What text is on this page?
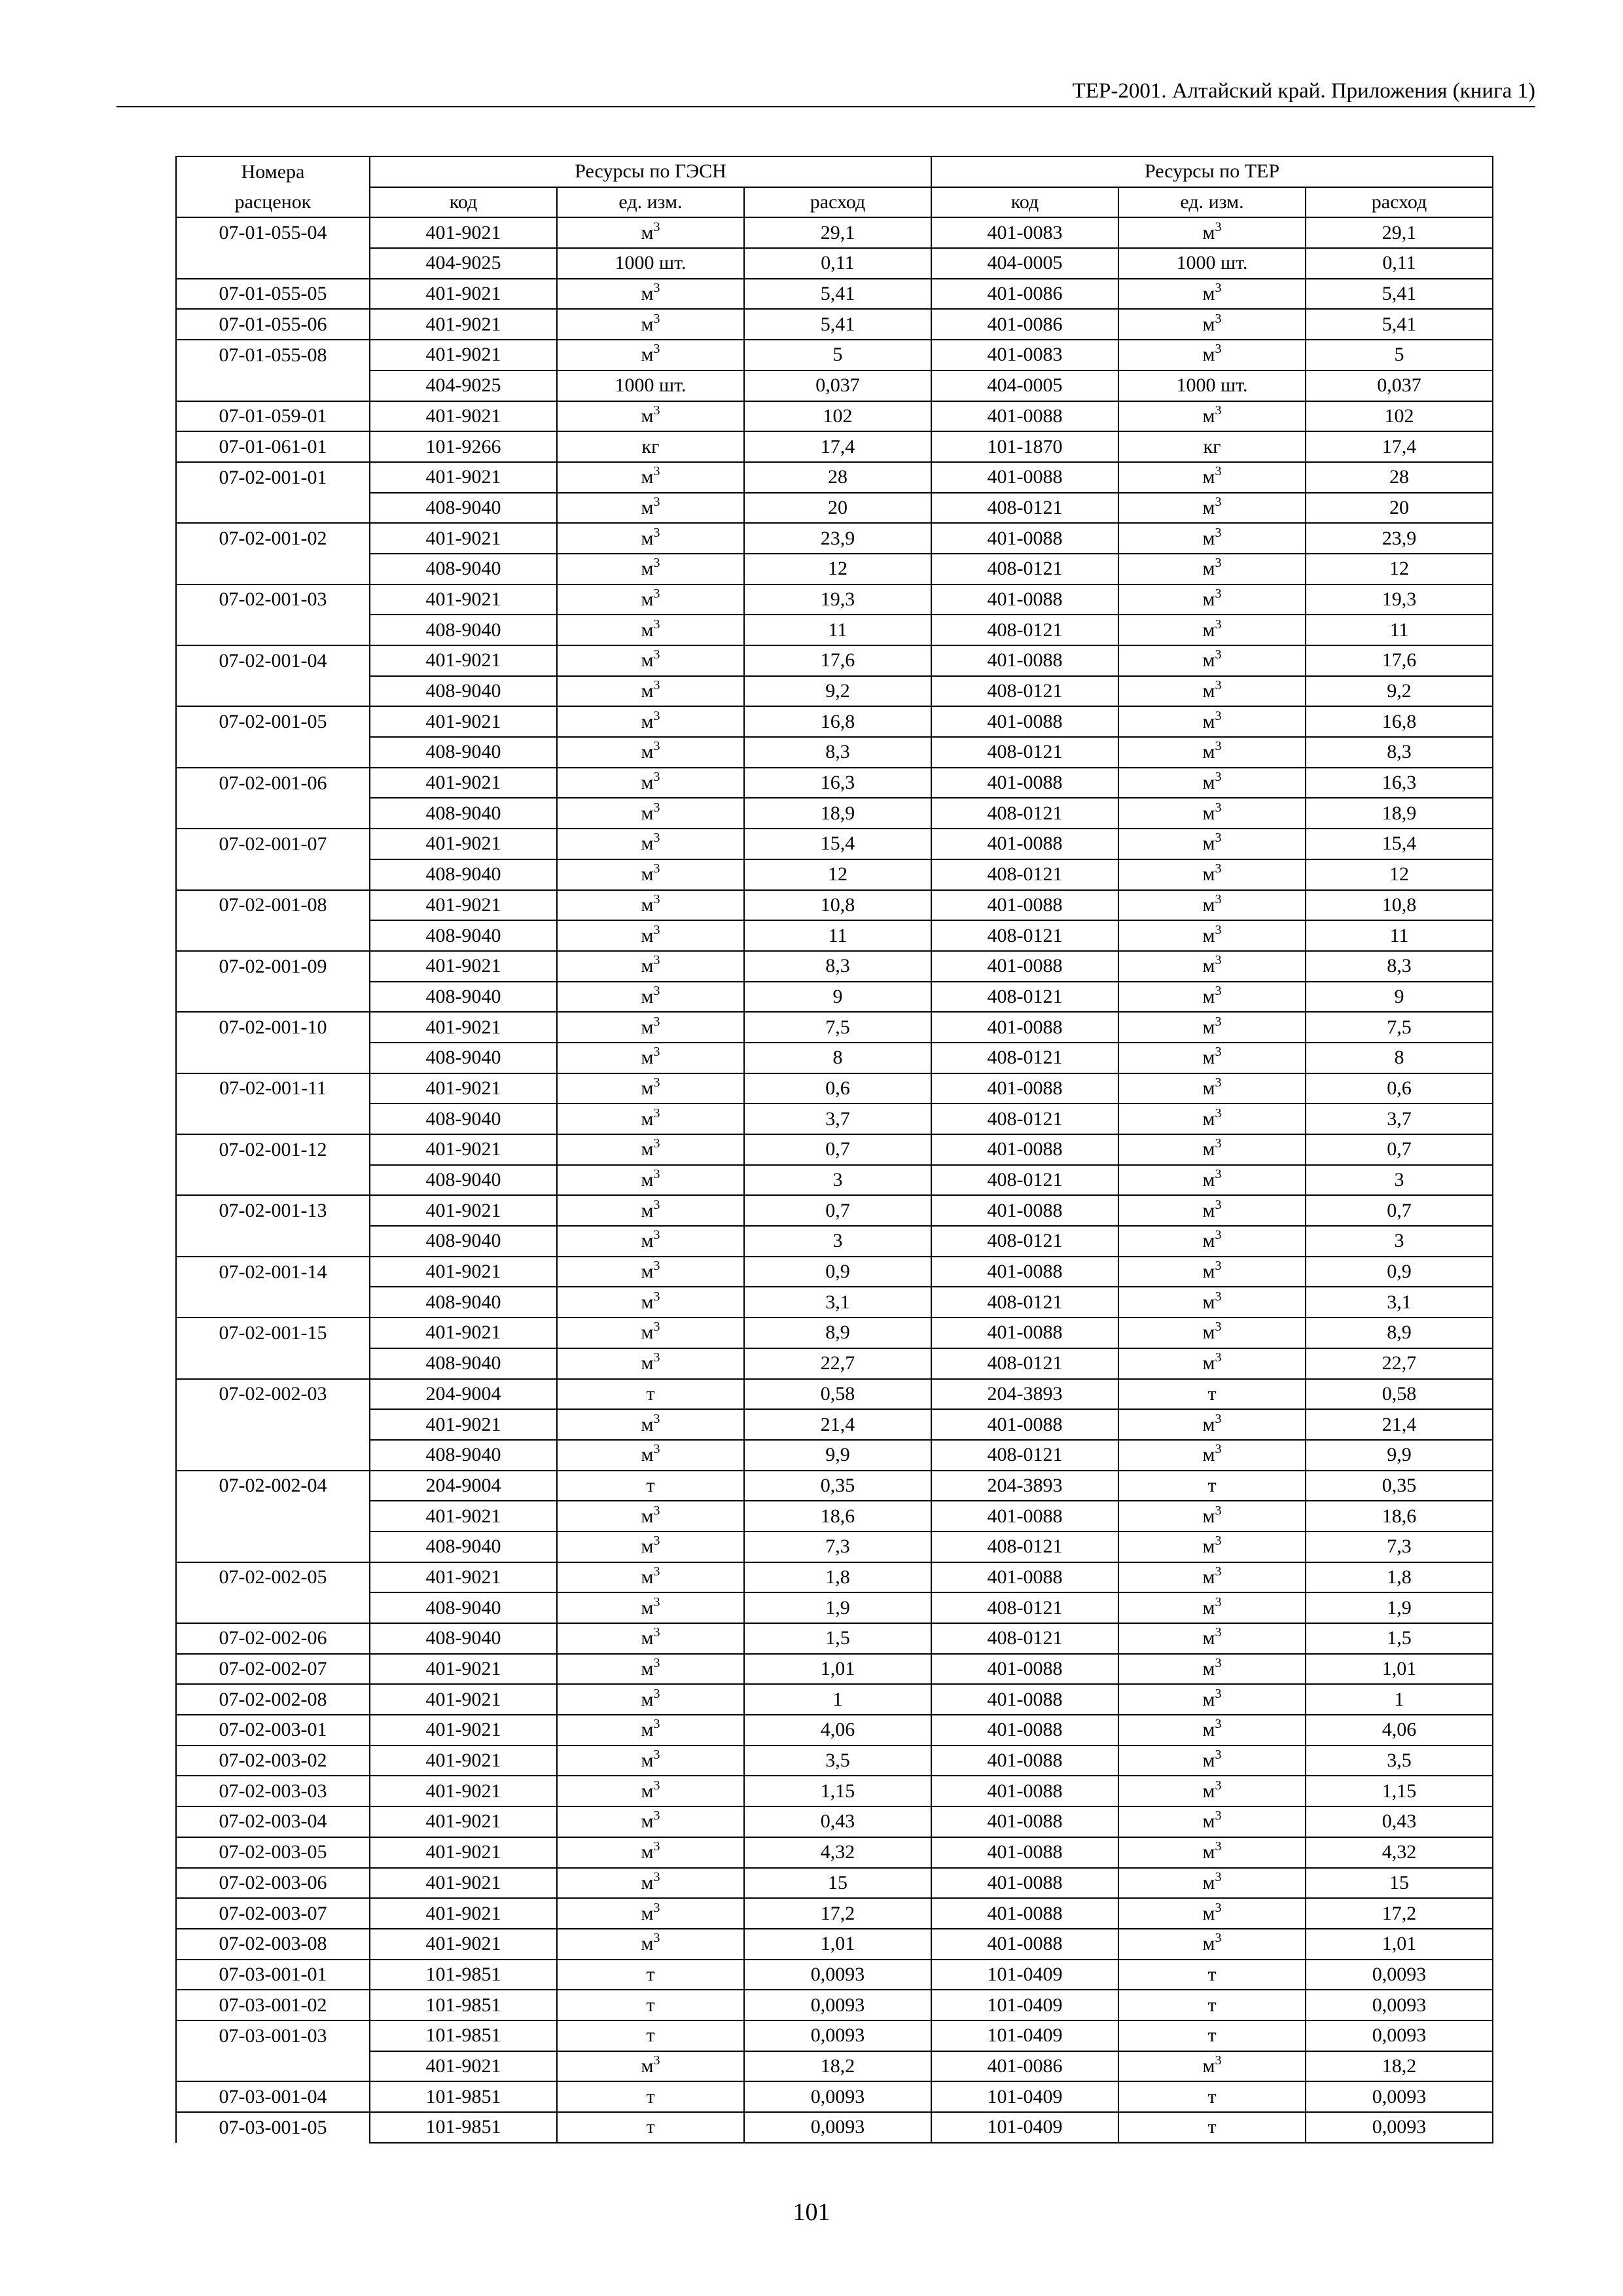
ТЕР-2001. Алтайский край. Приложения (книга 1)
Номера	Ресурсы по ГЭСН			Ресурсы по ТЕР		
расценок	код	ед. изм.	расход	код	ед. изм.	расход
07-01-055-04	401-9021	$м^3$	29,1	401-0083	$м^3$	29,1
	404-9025	1000 шт.	0,11	404-0005	1000 шт.	0,11
07-01-055-05	401-9021	$м^3$	5,41	401-0086	$м^3$	5,41
07-01-055-06	401-9021	$м^3$	5,41	401-0086	$м^3$	5,41
07-01-055-08	401-9021	$м^3$	5	401-0083	$м^3$	5
	404-9025	1000 шт.	0,037	404-0005	1000 шт.	0,037
07-01-059-01	401-9021	$м^3$	102	401-0088	$м^3$	102
07-01-061-01	101-9266	кг	17,4	101-1870	кг	17,4
07-02-001-01	401-9021	$м^3$	28	401-0088	$м^3$	28
	408-9040	$м^3$	20	408-0121	$м^3$	20
07-02-001-02	401-9021	$м^3$	23,9	401-0088	$м^3$	23,9
	408-9040	$м^3$	12	408-0121	$м^3$	12
07-02-001-03	401-9021	$м^3$	19,3	401-0088	$м^3$	19,3
	408-9040	$м^3$	11	408-0121	$м^3$	11
07-02-001-04	401-9021	$м^3$	17,6	401-0088	$м^3$	17,6
	408-9040	$м^3$	9,2	408-0121	$м^3$	9,2
07-02-001-05	401-9021	$м^3$	16,8	401-0088	$м^3$	16,8
	408-9040	$м^3$	8,3	408-0121	$м^3$	8,3
07-02-001-06	401-9021	$м^3$	16,3	401-0088	$м^3$	16,3
	408-9040	$м^3$	18,9	408-0121	$м^3$	18,9
07-02-001-07	401-9021	$м^3$	15,4	401-0088	$м^3$	15,4
	408-9040	$м^3$	12	408-0121	$м^3$	12
07-02-001-08	401-9021	$м^3$	10,8	401-0088	$м^3$	10,8
	408-9040	$м^3$	11	408-0121	$м^3$	11
07-02-001-09	401-9021	$м^3$	8,3	401-0088	$м^3$	8,3
	408-9040	$м^3$	9	408-0121	$м^3$	9
07-02-001-10	401-9021	$м^3$	7,5	401-0088	$м^3$	7,5
	408-9040	$м^3$	8	408-0121	$м^3$	8
07-02-001-11	401-9021	$м^3$	0,6	401-0088	$м^3$	0,6
	408-9040	$м^3$	3,7	408-0121	$м^3$	3,7
07-02-001-12	401-9021	$м^3$	0,7	401-0088	$м^3$	0,7
	408-9040	$м^3$	3	408-0121	$м^3$	3
07-02-001-13	401-9021	$м^3$	0,7	401-0088	$м^3$	0,7
	408-9040	$м^3$	3	408-0121	$м^3$	3
07-02-001-14	401-9021	$м^3$	0,9	401-0088	$м^3$	0,9
	408-9040	$м^3$	3,1	408-0121	$м^3$	3,1
07-02-001-15	401-9021	$м^3$	8,9	401-0088	$м^3$	8,9
	408-9040	$м^3$	22,7	408-0121	$м^3$	22,7
07-02-002-03	204-9004	т	0,58	204-3893	т	0,58
	401-9021	$м^3$	21,4	401-0088	$м^3$	21,4
	408-9040	$м^3$	9,9	408-0121	$м^3$	9,9
07-02-002-04	204-9004	т	0,35	204-3893	т	0,35
	401-9021	$м^3$	18,6	401-0088	$м^3$	18,6
	408-9040	$м^3$	7,3	408-0121	$м^3$	7,3
07-02-002-05	401-9021	$м^3$	1,8	401-0088	$м^3$	1,8
	408-9040	$м^3$	1,9	408-0121	$м^3$	1,9
07-02-002-06	408-9040	$м^3$	1,5	408-0121	$м^3$	1,5
07-02-002-07	401-9021	$м^3$	1,01	401-0088	$м^3$	1,01
07-02-002-08	401-9021	$м^3$	1	401-0088	$м^3$	1
07-02-003-01	401-9021	$м^3$	4,06	401-0088	$м^3$	4,06
07-02-003-02	401-9021	$м^3$	3,5	401-0088	$м^3$	3,5
07-02-003-03	401-9021	$м^3$	1,15	401-0088	$м^3$	1,15
07-02-003-04	401-9021	$м^3$	0,43	401-0088	$м^3$	0,43
07-02-003-05	401-9021	$м^3$	4,32	401-0088	$м^3$	4,32
07-02-003-06	401-9021	$м^3$	15	401-0088	$м^3$	15
07-02-003-07	401-9021	$м^3$	17,2	401-0088	$м^3$	17,2
07-02-003-08	401-9021	$м^3$	1,01	401-0088	$м^3$	1,01
07-03-001-01	101-9851	т	0,0093	101-0409	т	0,0093
07-03-001-02	101-9851	т	0,0093	101-0409	т	0,0093
07-03-001-03	101-9851	т	0,0093	101-0409	т	0,0093
	401-9021	$м^3$	18,2	401-0086	$м^3$	18,2
07-03-001-04	101-9851	т	0,0093	101-0409	т	0,0093
07-03-001-05	101-9851	т	0,0093	101-0409	т	0,0093
101
